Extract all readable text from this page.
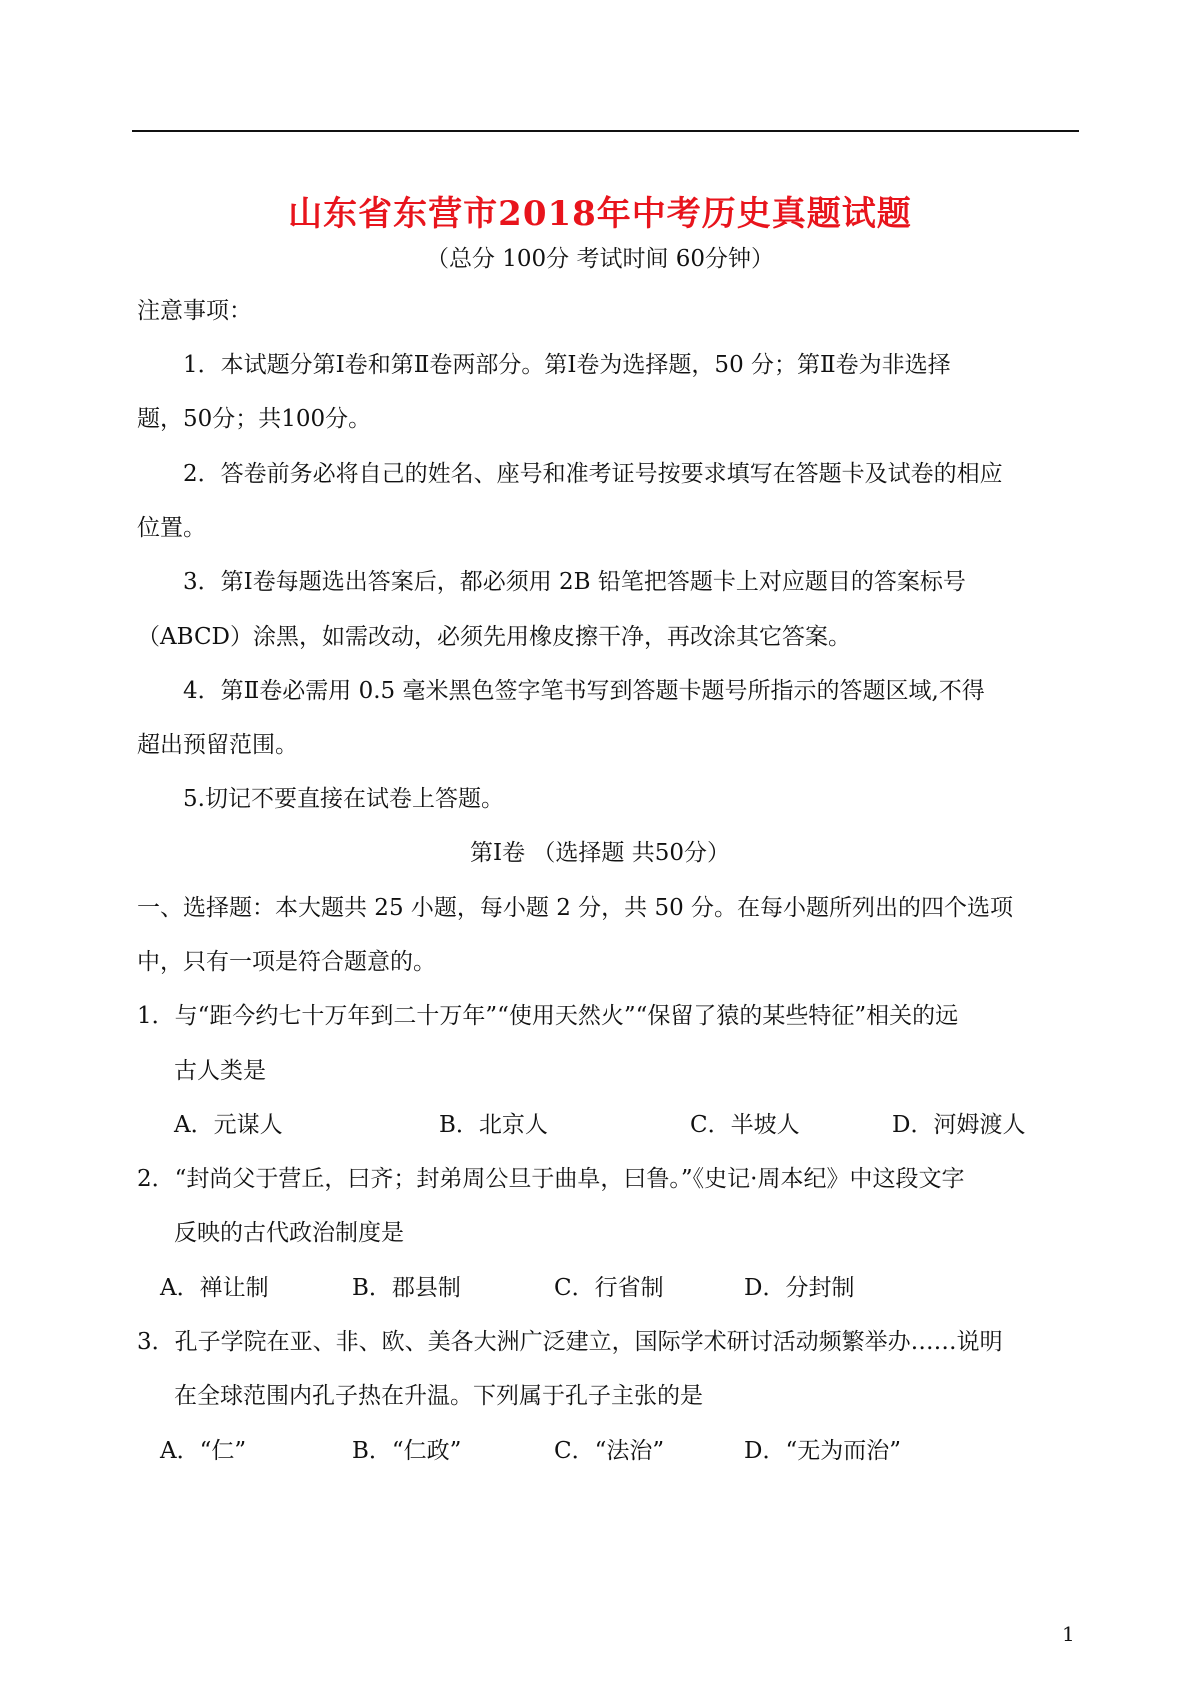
山东省东营市2018年中考历史真题试题
（总分 100分 考试时间 60分钟）
注意事项：
1．本试题分第Ⅰ卷和第Ⅱ卷两部分。第Ⅰ卷为选择题，50 分；第Ⅱ卷为非选择
题，50分；共100分。
2．答卷前务必将自己的姓名、座号和准考证号按要求填写在答题卡及试卷的相应
位置。
3．第Ⅰ卷每题选出答案后，都必须用 2B 铅笔把答题卡上对应题目的答案标号
（ABCD）涂黑，如需改动，必须先用橡皮擦干净，再改涂其它答案。
4．第Ⅱ卷必需用 0.5 毫米黑色签字笔书写到答题卡题号所指示的答题区域,不得
超出预留范围。
5.切记不要直接在试卷上答题。
第Ⅰ卷 （选择题 共50分）
一、选择题：本大题共 25 小题，每小题 2 分，共 50 分。在每小题所列出的四个选项
中，只有一项是符合题意的。
1．与“距今约七十万年到二十万年”“使用天然火”“保留了猿的某些特征”相关的远
古人类是
A．元谋人	B．北京人	C．半坡人	D．河姆渡人
2．“封尚父于营丘，曰齐；封弟周公旦于曲阜，曰鲁。”《史记·周本纪》中这段文字
反映的古代政治制度是
A．禅让制	B．郡县制	C．行省制	D．分封制
3．孔子学院在亚、非、欧、美各大洲广泛建立，国际学术研讨活动频繁举办……说明
在全球范围内孔子热在升温。下列属于孔子主张的是
A．“仁”	B．“仁政”	C．“法治”	D．“无为而治”
1
